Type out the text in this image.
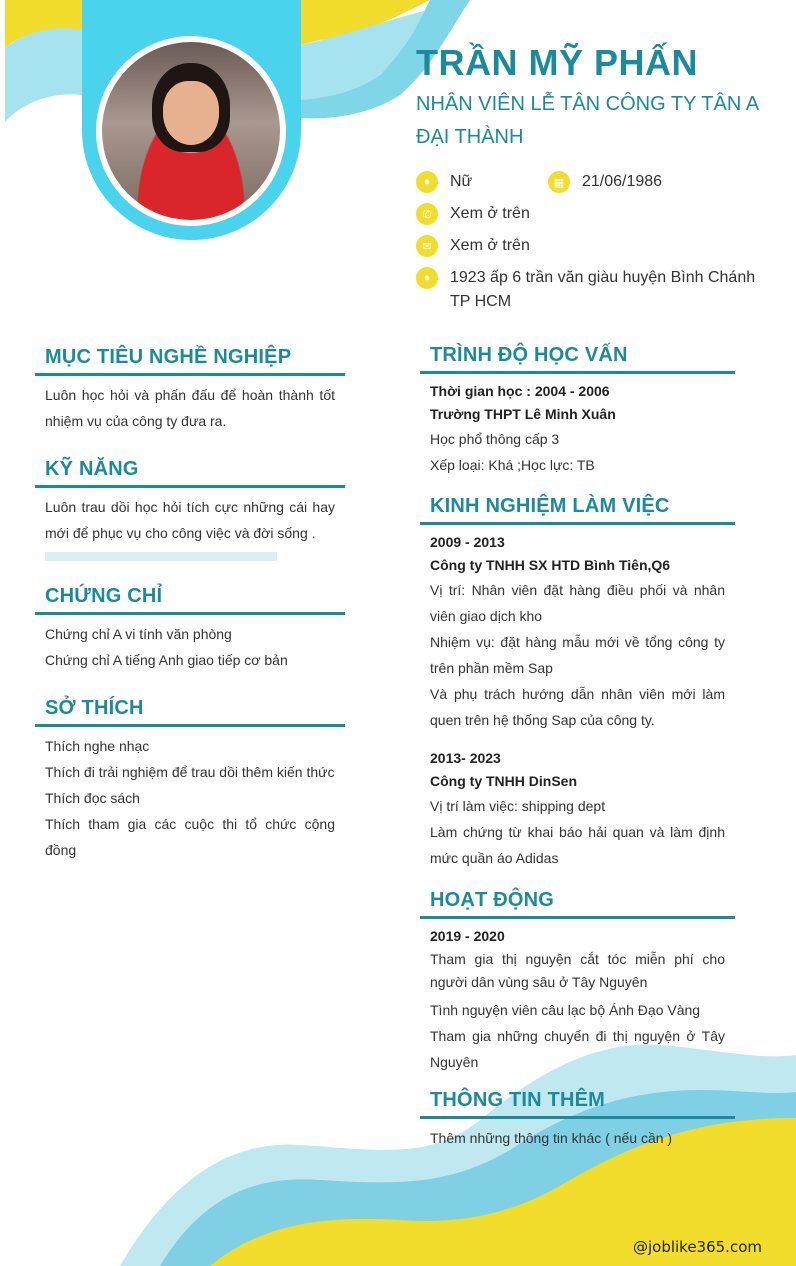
TRẦN MỸ PHẤN
NHÂN VIÊN LỄ TÂN CÔNG TY TÂN A ĐẠI THÀNH
●	Nữ	▦	21/06/1986
✆	Xem ở trên
✉	Xem ở trên
●	1923 ấp 6 trần văn giàu huyện Bình Chánh TP HCM
MỤC TIÊU NGHỀ NGHIỆP

Luôn học hỏi và phấn đấu để hoàn thành tốt nhiệm vụ của công ty đưa ra.

KỸ NĂNG

Luôn trau dồi học hỏi tích cực những cái hay mới để phục vụ cho công việc và đời sống .

CHỨNG CHỈ

Chứng chỉ A vi tính văn phòng

Chứng chỉ A tiếng Anh giao tiếp cơ bản

SỞ THÍCH

Thích nghe nhạc

Thích đi trải nghiệm để trau dồi thêm kiến thức

Thích đọc sách

Thích tham gia các cuộc thi tổ chức cộng đồng

TRÌNH ĐỘ HỌC VẤN
Thời gian học : 2004 - 2006
Trường THPT Lê Minh Xuân

Học phổ thông cấp 3

Xếp loại: Khá ;Học lực: TB

KINH NGHIỆM LÀM VIỆC
2009 - 2013
Công ty TNHH SX HTD Bình Tiên,Q6

Vị trí: Nhân viên đặt hàng điều phối và nhân viên giao dịch kho

Nhiệm vụ: đặt hàng mẫu mới về tổng công ty trên phần mềm Sap

Và phụ trách hướng dẫn nhân viên mới làm quen trên hệ thống Sap của công ty.

2013- 2023
Công ty TNHH DinSen

Vị trí làm việc: shipping dept

Làm chứng từ khai báo hải quan và làm định mức quần áo Adidas

HOẠT ĐỘNG
2019 - 2020

Tham gia thị nguyện cắt tóc miễn phí cho người dân vùng sâu ở Tây Nguyên

Tình nguyện viên câu lạc bộ Ánh Đạo Vàng

Tham gia những chuyến đi thị nguyện ở Tây Nguyên

THÔNG TIN THÊM

Thêm những thông tin khác ( nếu cần )

@joblike365.com
